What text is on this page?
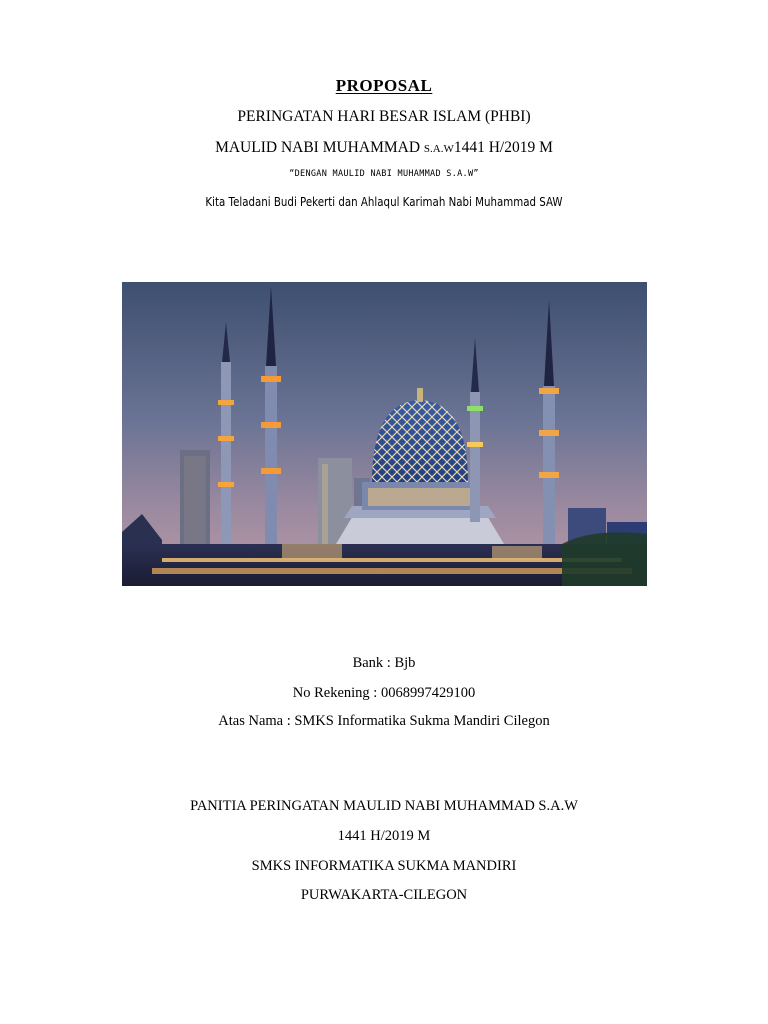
PROPOSAL
PERINGATAN HARI BESAR ISLAM (PHBI)
MAULID NABI MUHAMMAD S.A.W1441 H/2019 M
“DENGAN MAULID NABI MUHAMMAD S.A.W”
Kita Teladani Budi Pekerti dan Ahlaqul Karimah Nabi Muhammad SAW
Bank : Bjb
No Rekening : 0068997429100
Atas Nama : SMKS Informatika Sukma Mandiri Cilegon
PANITIA PERINGATAN MAULID NABI MUHAMMAD S.A.W
1441 H/2019 M
SMKS INFORMATIKA SUKMA MANDIRI
PURWAKARTA-CILEGON
